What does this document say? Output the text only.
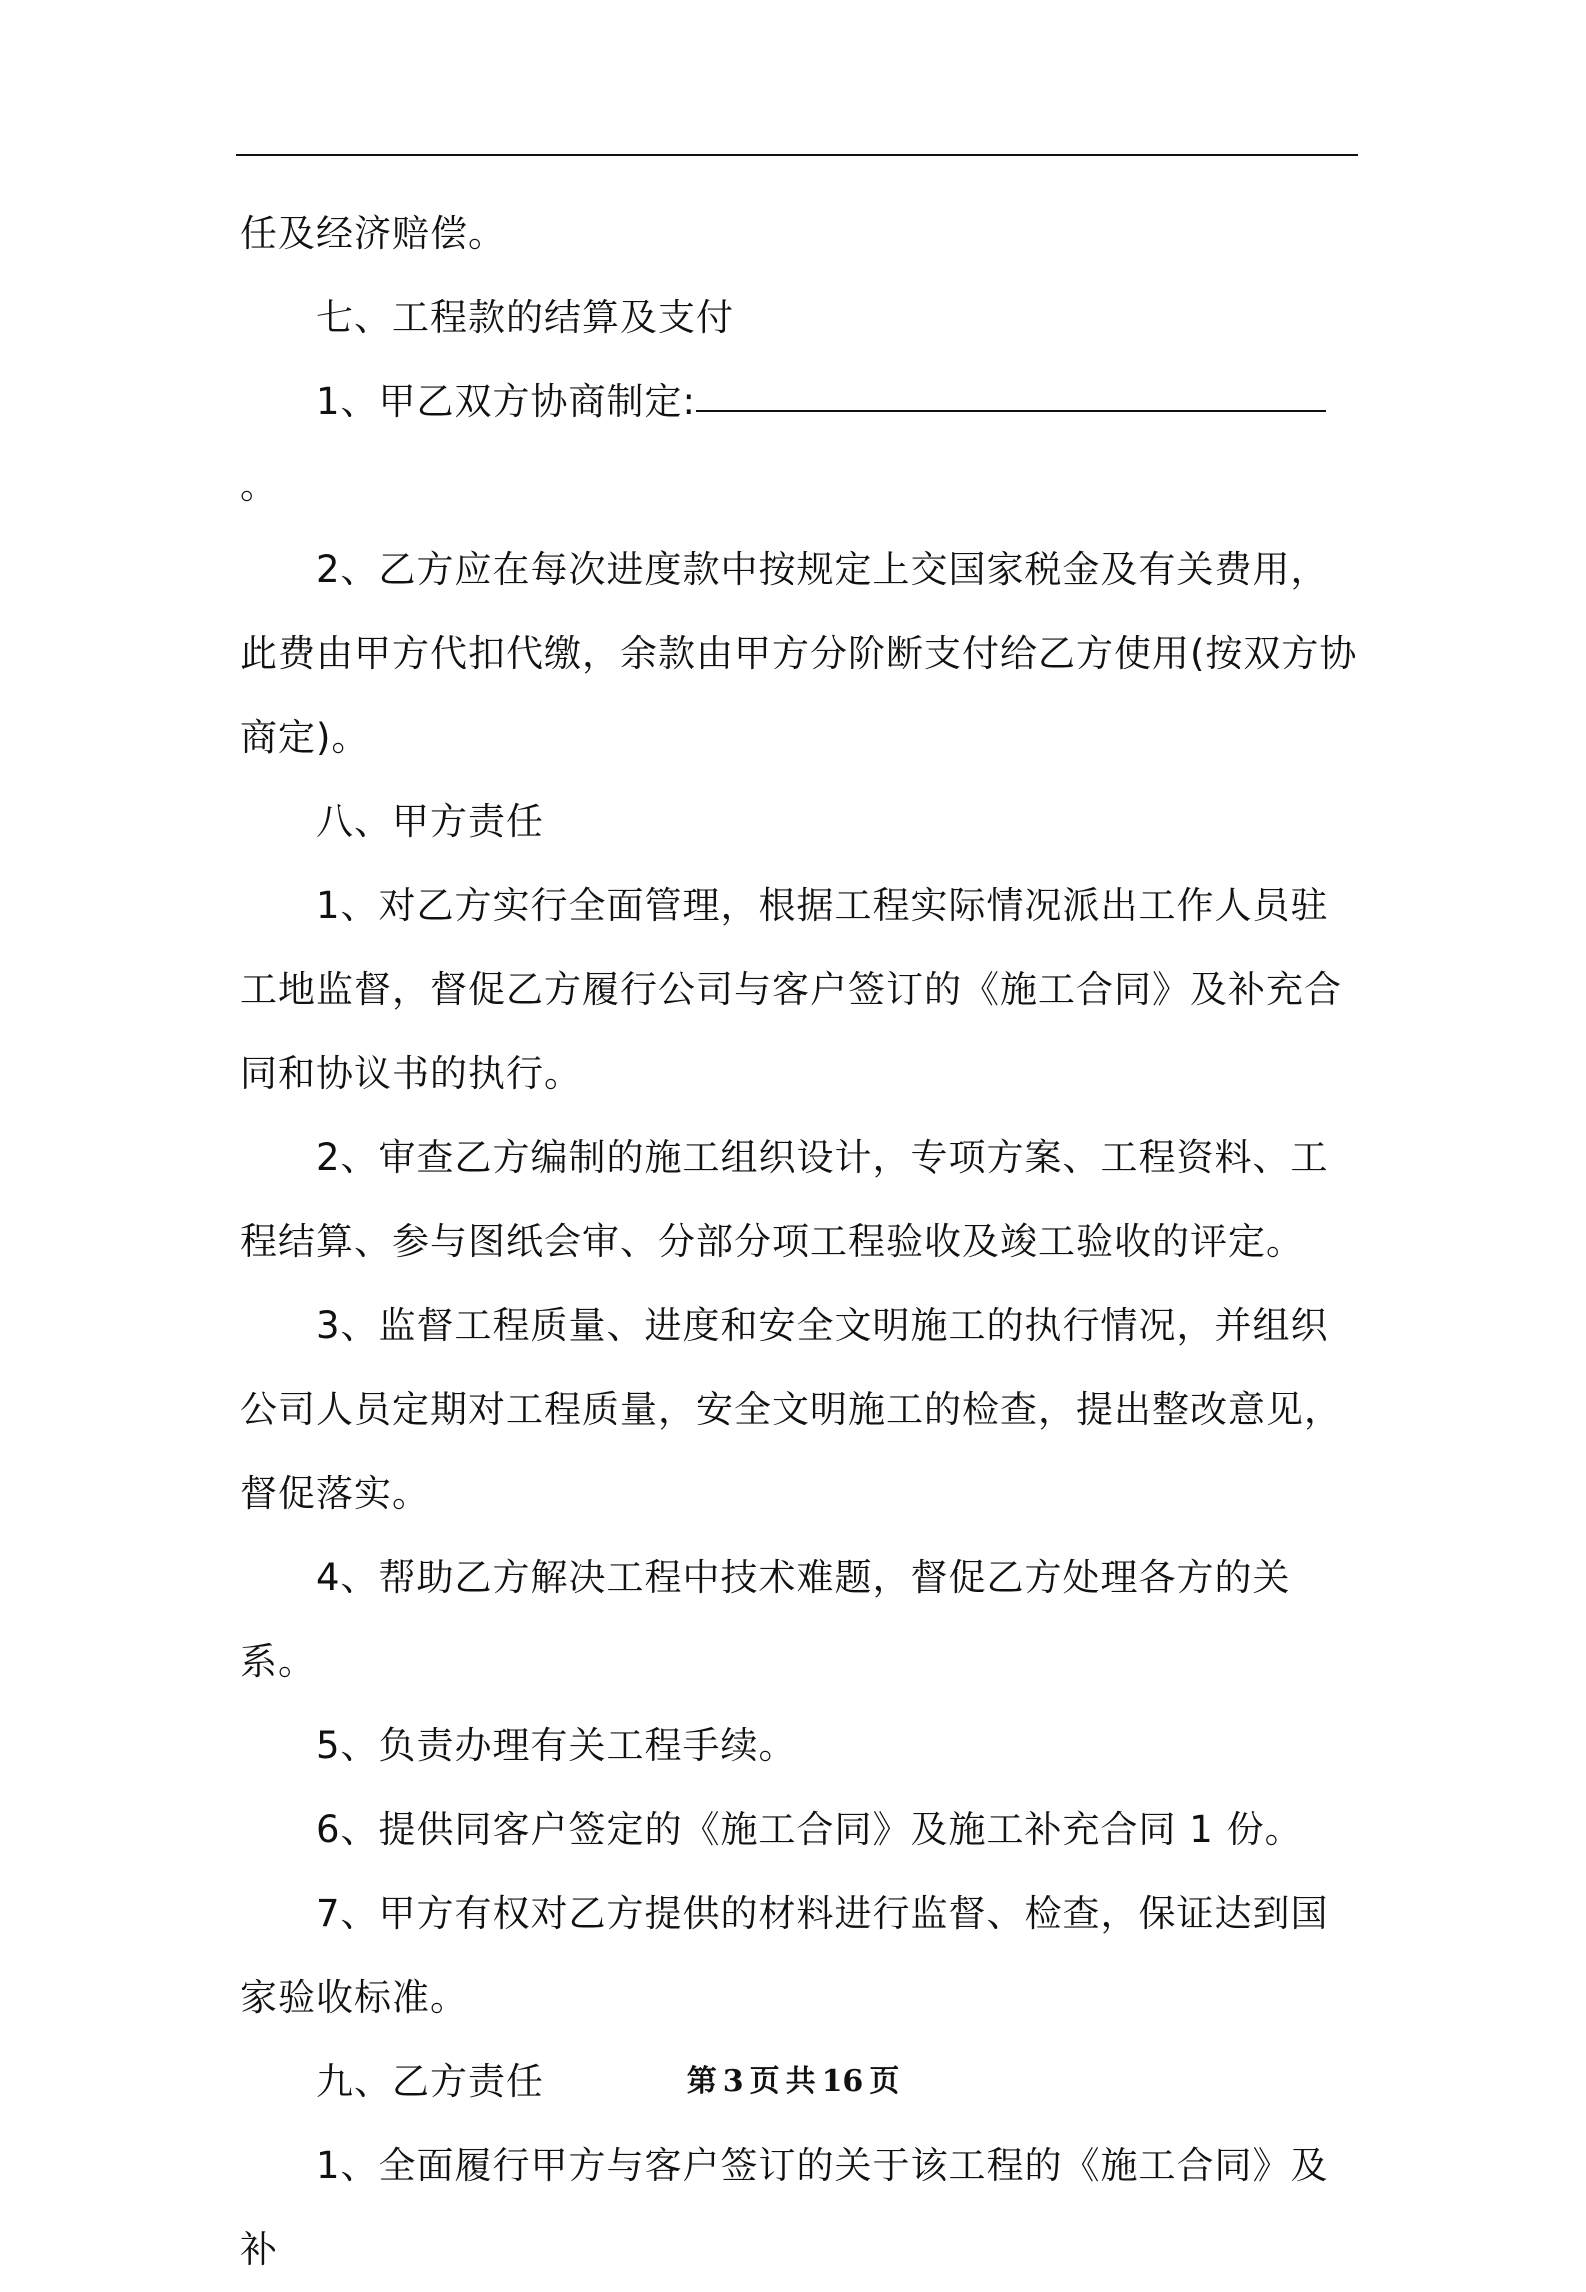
任及经济赔偿。

七、工程款的结算及支付

1、甲乙双方协商制定:。

2、乙方应在每次进度款中按规定上交国家税金及有关费用，此费由甲方代扣代缴，余款由甲方分阶断支付给乙方使用(按双方协商定)。

八、甲方责任

1、对乙方实行全面管理，根据工程实际情况派出工作人员驻工地监督，督促乙方履行公司与客户签订的《施工合同》及补充合同和协议书的执行。

2、审查乙方编制的施工组织设计，专项方案、工程资料、工程结算、参与图纸会审、分部分项工程验收及竣工验收的评定。

3、监督工程质量、进度和安全文明施工的执行情况，并组织公司人员定期对工程质量，安全文明施工的检查，提出整改意见，督促落实。

4、帮助乙方解决工程中技术难题，督促乙方处理各方的关系。

5、负责办理有关工程手续。

6、提供同客户签定的《施工合同》及施工补充合同 1 份。

7、甲方有权对乙方提供的材料进行监督、检查，保证达到国家验收标准。

九、乙方责任

1、全面履行甲方与客户签订的关于该工程的《施工合同》及补

第 3 页 共 16 页
